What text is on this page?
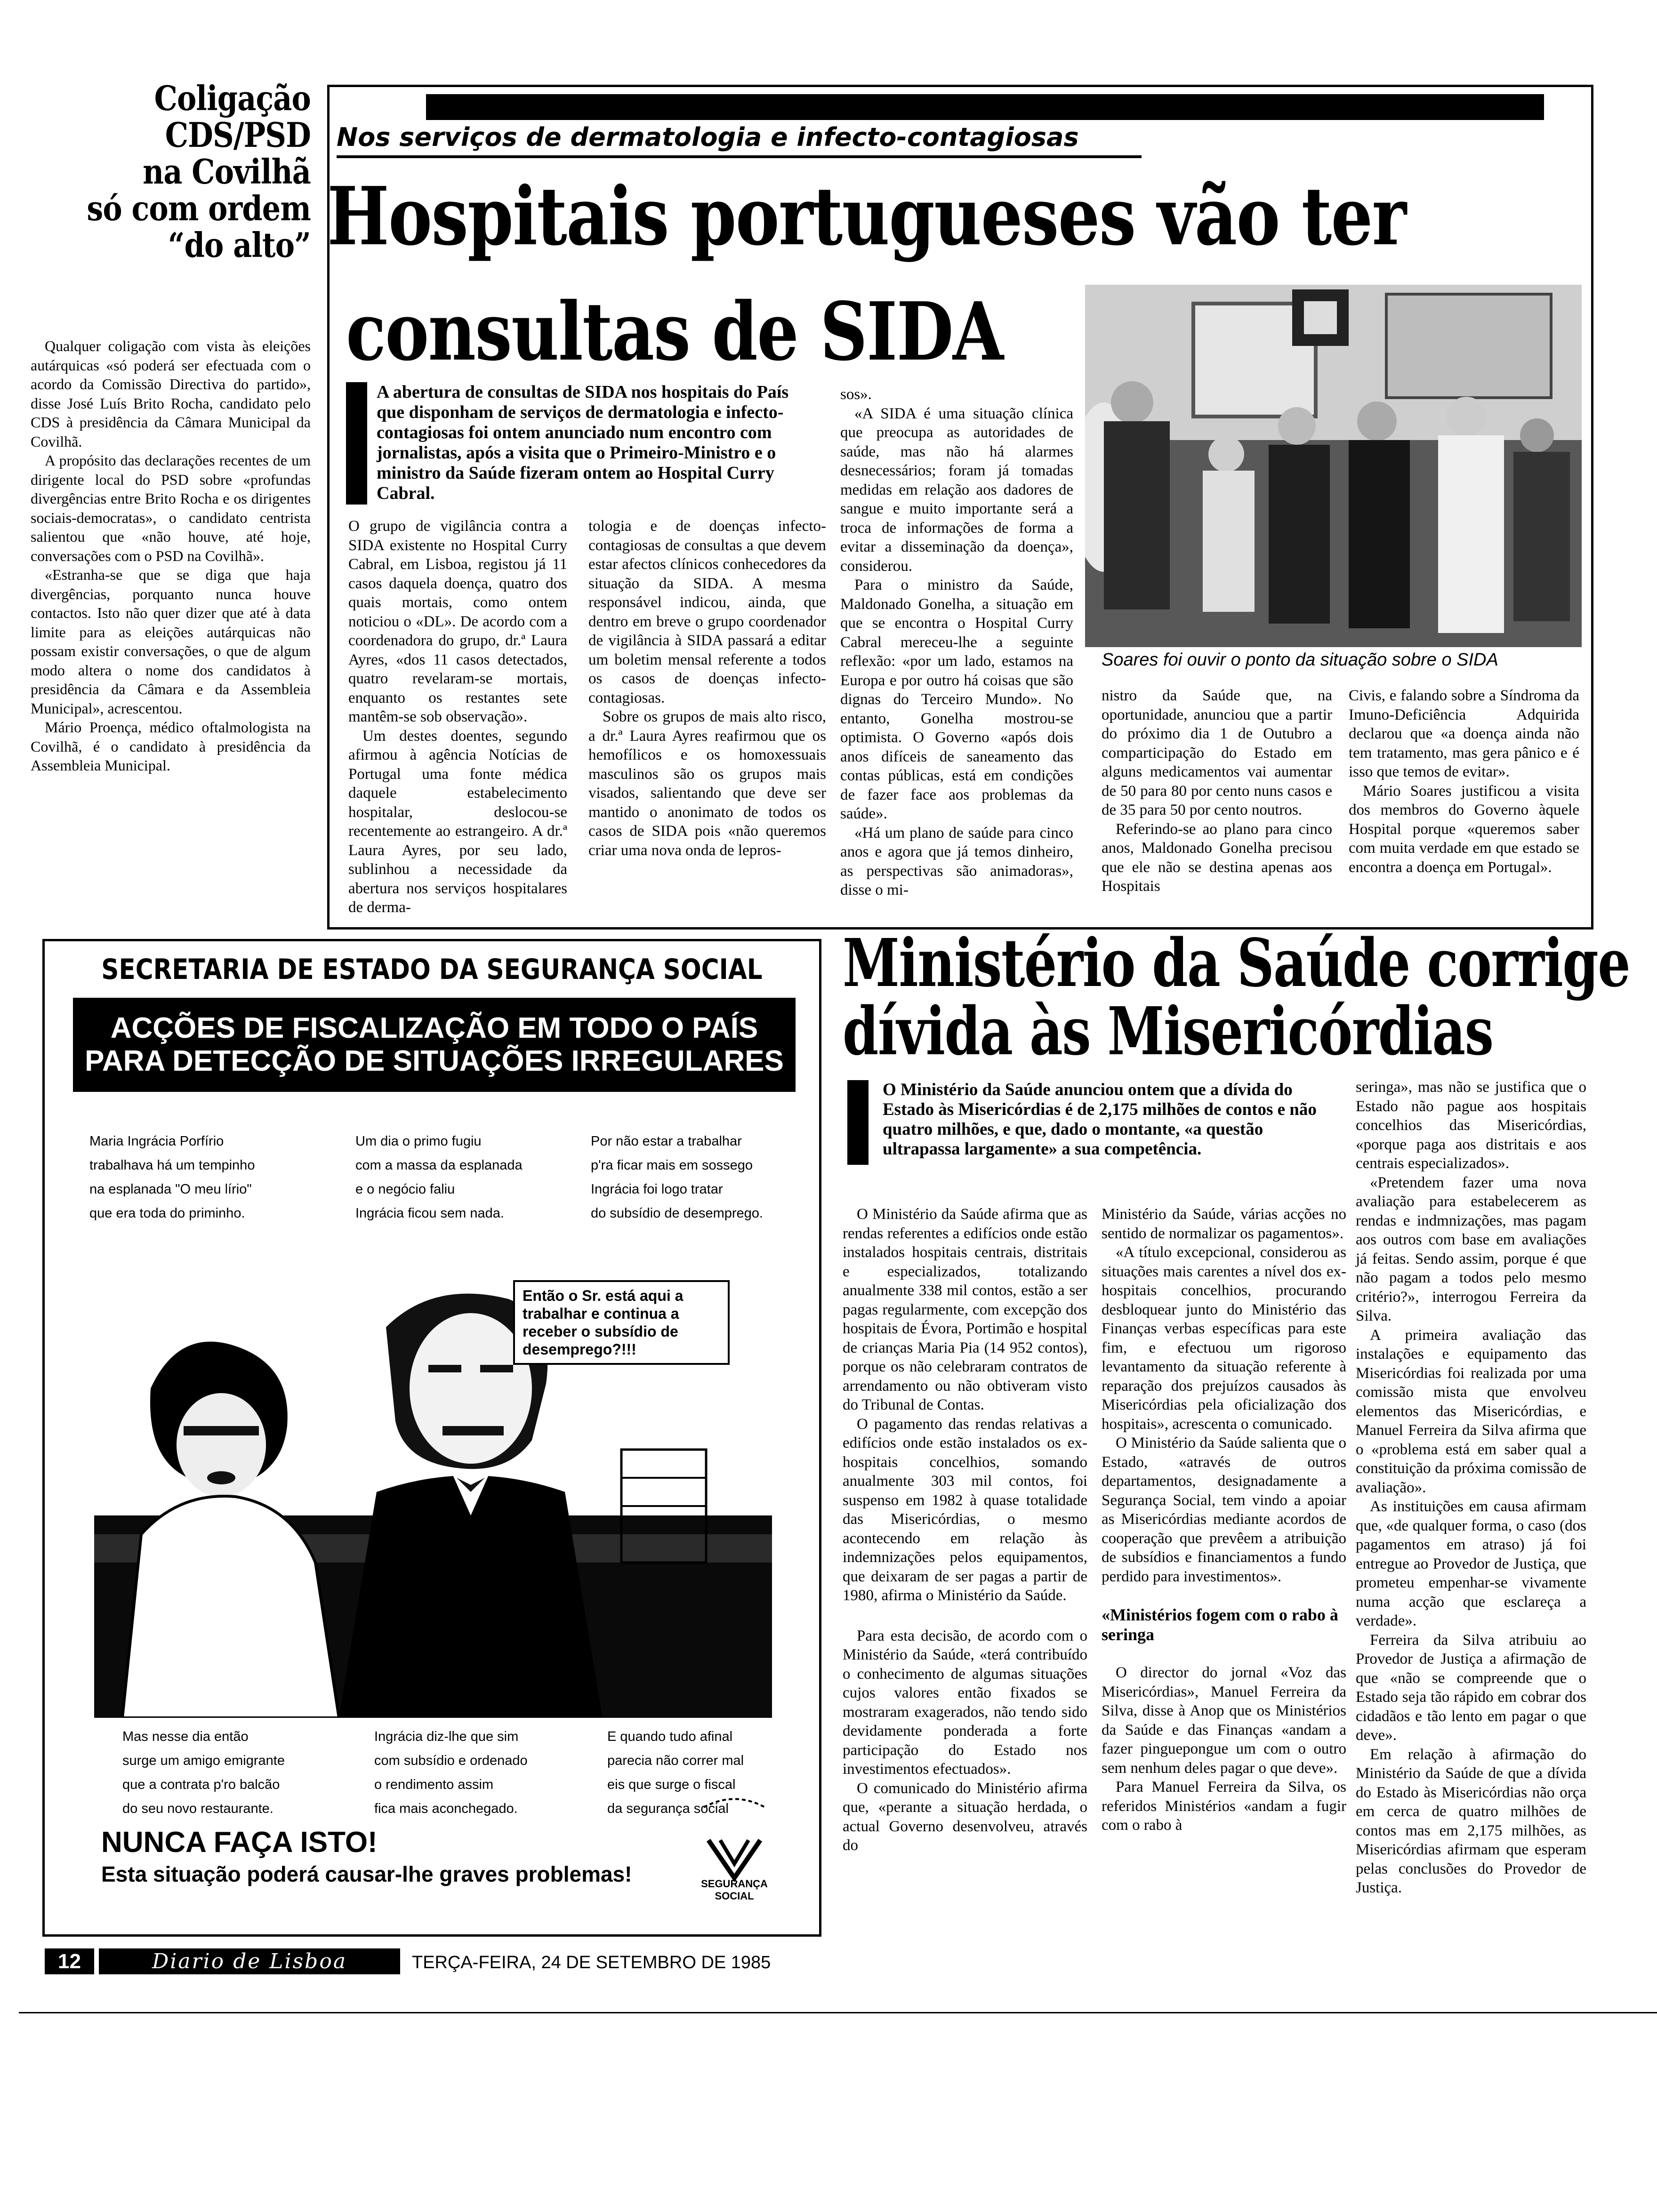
Coligação
CDS/PSD
na Covilhã
só com ordem
“do alto”

Qualquer coligação com vista às eleições autárquicas «só poderá ser efectuada com o acordo da Comissão Directiva do partido», disse José Luís Brito Rocha, candidato pelo CDS à presidência da Câmara Municipal da Covilhã.

A propósito das declarações recentes de um dirigente local do PSD sobre «profundas divergências entre Brito Rocha e os dirigentes sociais-democratas», o candidato centrista salientou que «não houve, até hoje, conversações com o PSD na Covilhã».

«Estranha-se que se diga que haja divergências, porquanto nunca houve contactos. Isto não quer dizer que até à data limite para as eleições autárquicas não possam existir conversações, o que de algum modo altera o nome dos candidatos à presidência da Câmara e da Assembleia Municipal», acrescentou.

Mário Proença, médico oftalmologista na Covilhã, é o candidato à presidência da Assembleia Municipal.

Nos serviços de dermatologia e infecto-contagiosas
Hospitais portugueses vão ter
consultas de SIDA
I	A abertura de consultas de SIDA nos hospitais do País que disponham de serviços de dermatologia e infecto-contagiosas foi ontem anunciado num encontro com jornalistas, após a visita que o Primeiro-Ministro e o ministro da Saúde fizeram ontem ao Hospital Curry Cabral.
Soares foi ouvir o ponto da situação sobre o SIDA

O grupo de vigilância contra a SIDA existente no Hospital Curry Cabral, em Lisboa, registou já 11 casos daquela doença, quatro dos quais mortais, como ontem noticiou o «DL». De acordo com a coordenadora do grupo, dr.ª Laura Ayres, «dos 11 casos detectados, quatro revelaram-se mortais, enquanto os restantes sete mantêm-se sob observação».

Um destes doentes, segundo afirmou à agência Notícias de Portugal uma fonte médica daquele estabelecimento hospitalar, deslocou-se recentemente ao estrangeiro. A dr.ª Laura Ayres, por seu lado, sublinhou a necessidade da abertura nos serviços hospitalares de derma-

tologia e de doenças infecto-contagiosas de consultas a que devem estar afectos clínicos conhecedores da situação da SIDA. A mesma responsável indicou, ainda, que dentro em breve o grupo coordenador de vigilância à SIDA passará a editar um boletim mensal referente a todos os casos de doenças infecto-contagiosas.

Sobre os grupos de mais alto risco, a dr.ª Laura Ayres reafirmou que os hemofílicos e os homoxessuais masculinos são os grupos mais visados, salientando que deve ser mantido o anonimato de todos os casos de SIDA pois «não queremos criar uma nova onda de lepros-

sos».

«A SIDA é uma situação clínica que preocupa as autoridades de saúde, mas não há alarmes desnecessários; foram já tomadas medidas em relação aos dadores de sangue e muito importante será a troca de informações de forma a evitar a disseminação da doença», considerou.

Para o ministro da Saúde, Maldonado Gonelha, a situação em que se encontra o Hospital Curry Cabral mereceu-lhe a seguinte reflexão: «por um lado, estamos na Europa e por outro há coisas que são dignas do Terceiro Mundo». No entanto, Gonelha mostrou-se optimista. O Governo «após dois anos difíceis de saneamento das contas públicas, está em condições de fazer face aos problemas da saúde».

«Há um plano de saúde para cinco anos e agora que já temos dinheiro, as perspectivas são animadoras», disse o mi-

nistro da Saúde que, na oportunidade, anunciou que a partir do próximo dia 1 de Outubro a comparticipação do Estado em alguns medicamentos vai aumentar de 50 para 80 por cento nuns casos e de 35 para 50 por cento noutros.

Referindo-se ao plano para cinco anos, Maldonado Gonelha precisou que ele não se destina apenas aos Hospitais

Civis, e falando sobre a Síndroma da Imuno-Deficiência Adquirida declarou que «a doença ainda não tem tratamento, mas gera pânico e é isso que temos de evitar».

Mário Soares justificou a visita dos membros do Governo àquele Hospital porque «queremos saber com muita verdade em que estado se encontra a doença em Portugal».

SECRETARIA DE ESTADO DA SEGURANÇA SOCIAL
ACÇÕES DE FISCALIZAÇÃO EM TODO O PAÍS
PARA DETECÇÃO DE SITUAÇÕES IRREGULARES
Maria Ingrácia Porfírio
trabalhava há um tempinho
na esplanada "O meu lírio"
que era toda do priminho.
Um dia o primo fugiu
com a massa da esplanada
e o negócio faliu
Ingrácia ficou sem nada.
Por não estar a trabalhar
p'ra ficar mais em sossego
Ingrácia foi logo tratar
do subsídio de desemprego.
Então o Sr. está aqui a trabalhar e continua a receber o subsídio de desemprego?!!!
Mas nesse dia então
surge um amigo emigrante
que a contrata p'ro balcão
do seu novo restaurante.
Ingrácia diz-lhe que sim
com subsídio e ordenado
o rendimento assim
fica mais aconchegado.
E quando tudo afinal
parecia não correr mal
eis que surge o fiscal
da segurança social
NUNCA FAÇA ISTO!
Esta situação poderá causar-lhe graves problemas!	SEGURANÇA SOCIAL
Ministério da Saúde corrige
dívida às Misericórdias
I	O Ministério da Saúde anunciou ontem que a dívida do Estado às Misericórdias é de 2,175 milhões de contos e não quatro milhões, e que, dado o montante, «a questão ultrapassa largamente» a sua competência.

O Ministério da Saúde afirma que as rendas referentes a edifícios onde estão instalados hospitais centrais, distritais e especializados, totalizando anualmente 338 mil contos, estão a ser pagas regularmente, com excepção dos hospitais de Évora, Portimão e hospital de crianças Maria Pia (14 952 contos), porque os não celebraram contratos de arrendamento ou não obtiveram visto do Tribunal de Contas.

O pagamento das rendas relativas a edifícios onde estão instalados os ex-hospitais concelhios, somando anualmente 303 mil contos, foi suspenso em 1982 à quase totalidade das Misericórdias, o mesmo acontecendo em relação às indemnizações pelos equipamentos, que deixaram de ser pagas a partir de 1980, afirma o Ministério da Saúde.

Para esta decisão, de acordo com o Ministério da Saúde, «terá contribuído o conhecimento de algumas situações cujos valores então fixados se mostraram exagerados, não tendo sido devidamente ponderada a forte participação do Estado nos investimentos efectuados».

O comunicado do Ministério afirma que, «perante a situação herdada, o actual Governo desenvolveu, através do

Ministério da Saúde, várias acções no sentido de normalizar os pagamentos».

«A título excepcional, considerou as situações mais carentes a nível dos ex-hospitais concelhios, procurando desbloquear junto do Ministério das Finanças verbas específicas para este fim, e efectuou um rigoroso levantamento da situação referente à reparação dos prejuízos causados às Misericórdias pela oficialização dos hospitais», acrescenta o comunicado.

O Ministério da Saúde salienta que o Estado, «através de outros departamentos, designadamente a Segurança Social, tem vindo a apoiar as Misericórdias mediante acordos de cooperação que prevêem a atribuição de subsídios e financiamentos a fundo perdido para investimentos».

«Ministérios fogem com o rabo à seringa

O director do jornal «Voz das Misericórdias», Manuel Ferreira da Silva, disse à Anop que os Ministérios da Saúde e das Finanças «andam a fazer pinguepongue um com o outro sem nenhum deles pagar o que deve».

Para Manuel Ferreira da Silva, os referidos Ministérios «andam a fugir com o rabo à

seringa», mas não se justifica que o Estado não pague aos hospitais concelhios das Misericórdias, «porque paga aos distritais e aos centrais especializados».

«Pretendem fazer uma nova avaliação para estabelecerem as rendas e indmnizações, mas pagam aos outros com base em avaliações já feitas. Sendo assim, porque é que não pagam a todos pelo mesmo critério?», interrogou Ferreira da Silva.

A primeira avaliação das instalações e equipamento das Misericórdias foi realizada por uma comissão mista que envolveu elementos das Misericórdias, e Manuel Ferreira da Silva afirma que o «problema está em saber qual a constituição da próxima comissão de avaliação».

As instituições em causa afirmam que, «de qualquer forma, o caso (dos pagamentos em atraso) já foi entregue ao Provedor de Justiça, que prometeu empenhar-se vivamente numa acção que esclareça a verdade».

Ferreira da Silva atribuiu ao Provedor de Justiça a afirmação de que «não se compreende que o Estado seja tão rápido em cobrar dos cidadãos e tão lento em pagar o que deve».

Em relação à afirmação do Ministério da Saúde de que a dívida do Estado às Misericórdias não orça em cerca de quatro milhões de contos mas em 2,175 milhões, as Misericórdias afirmam que esperam pelas conclusões do Provedor de Justiça.

12	Diario de Lisboa	TERÇA-FEIRA, 24 DE SETEMBRO DE 1985
